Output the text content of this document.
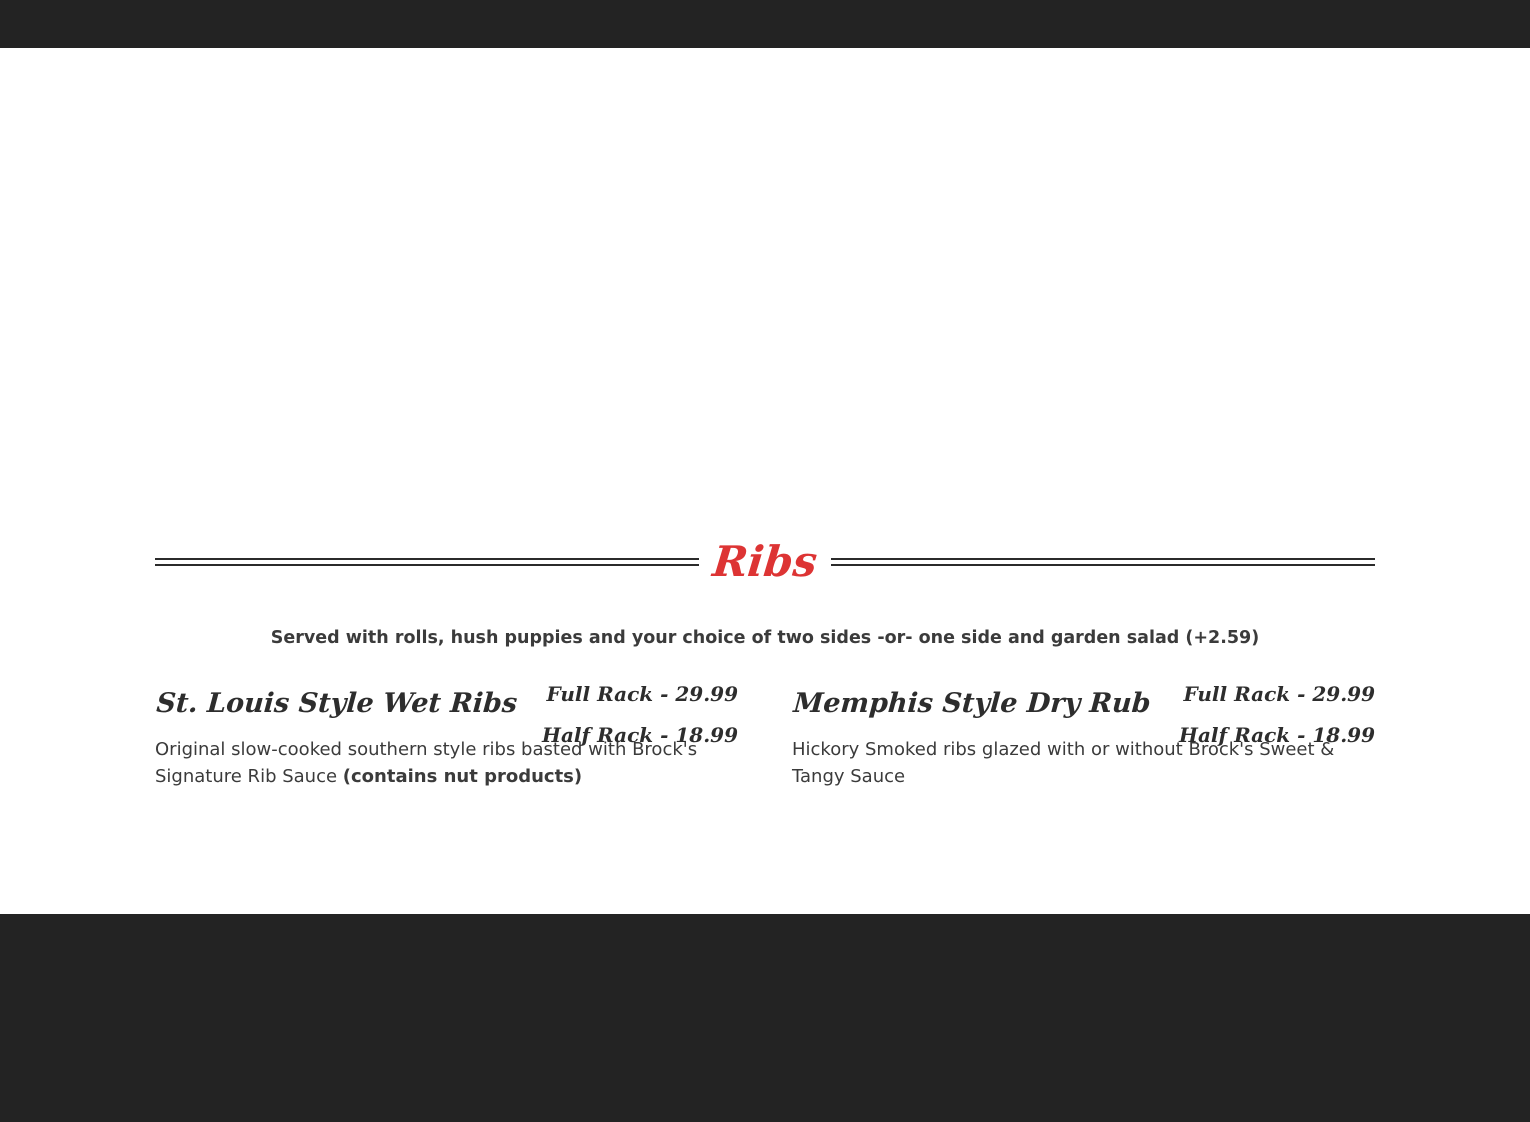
Ribs
Served with rolls, hush puppies and your choice of two sides -or- one side and garden salad (+2.59)
St. Louis Style Wet Ribs	Full Rack - 29.99
Half Rack - 18.99

Original slow-cooked southern style ribs basted with Brock's Signature Rib Sauce (contains nut products)

Memphis Style Dry Rub	Full Rack - 29.99
Half Rack - 18.99

Hickory Smoked ribs glazed with or without Brock's Sweet & Tangy Sauce
